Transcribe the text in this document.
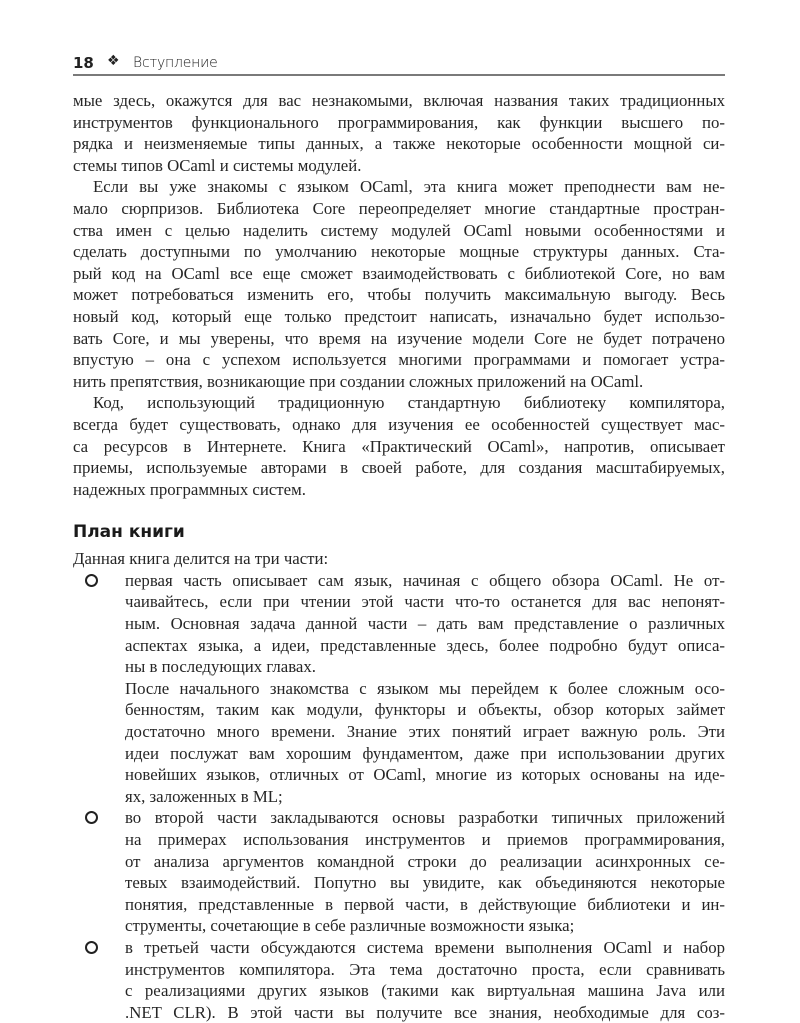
18 ❖ Вступление
мые здесь, окажутся для вас незнакомыми, включая названия таких традиционных
инструментов функционального программирования, как функции высшего по-
рядка и неизменяемые типы данных, а также некоторые особенности мощной си-
стемы типов OCaml и системы модулей.
Если вы уже знакомы с языком OCaml, эта книга может преподнести вам не-
мало сюрпризов. Библиотека Core переопределяет многие стандартные простран-
ства имен с целью наделить систему модулей OCaml новыми особенностями и
сделать доступными по умолчанию некоторые мощные структуры данных. Ста-
рый код на OCaml все еще сможет взаимодействовать с библиотекой Core, но вам
может потребоваться изменить его, чтобы получить максимальную выгоду. Весь
новый код, который еще только предстоит написать, изначально будет использо-
вать Core, и мы уверены, что время на изучение модели Core не будет потрачено
впустую – она с успехом используется многими программами и помогает устра-
нить препятствия, возникающие при создании сложных приложений на OCaml.
Код, использующий традиционную стандартную библиотеку компилятора,
всегда будет существовать, однако для изучения ее особенностей существует мас-
са ресурсов в Интернете. Книга «Практический OCaml», напротив, описывает
приемы, используемые авторами в своей работе, для создания масштабируемых,
надежных программных систем.
План книги
Данная книга делится на три части:
первая часть описывает сам язык, начиная с общего обзора OCaml. Не от-
чаивайтесь, если при чтении этой части что-то останется для вас непонят-
ным. Основная задача данной части – дать вам представление о различных
аспектах языка, а идеи, представленные здесь, более подробно будут описа-
ны в последующих главах.
После начального знакомства с языком мы перейдем к более сложным осо-
бенностям, таким как модули, функторы и объекты, обзор которых займет
достаточно много времени. Знание этих понятий играет важную роль. Эти
идеи послужат вам хорошим фундаментом, даже при использовании других
новейших языков, отличных от OCaml, многие из которых основаны на иде-
ях, заложенных в ML;
во второй части закладываются основы разработки типичных приложений
на примерах использования инструментов и приемов программирования,
от анализа аргументов командной строки до реализации асинхронных се-
тевых взаимодействий. Попутно вы увидите, как объединяются некоторые
понятия, представленные в первой части, в действующие библиотеки и ин-
струменты, сочетающие в себе различные возможности языка;
в третьей части обсуждаются система времени выполнения OCaml и набор
инструментов компилятора. Эта тема достаточно проста, если сравнивать
с реализациями других языков (такими как виртуальная машина Java или
.NET CLR). В этой части вы получите все знания, необходимые для соз-
